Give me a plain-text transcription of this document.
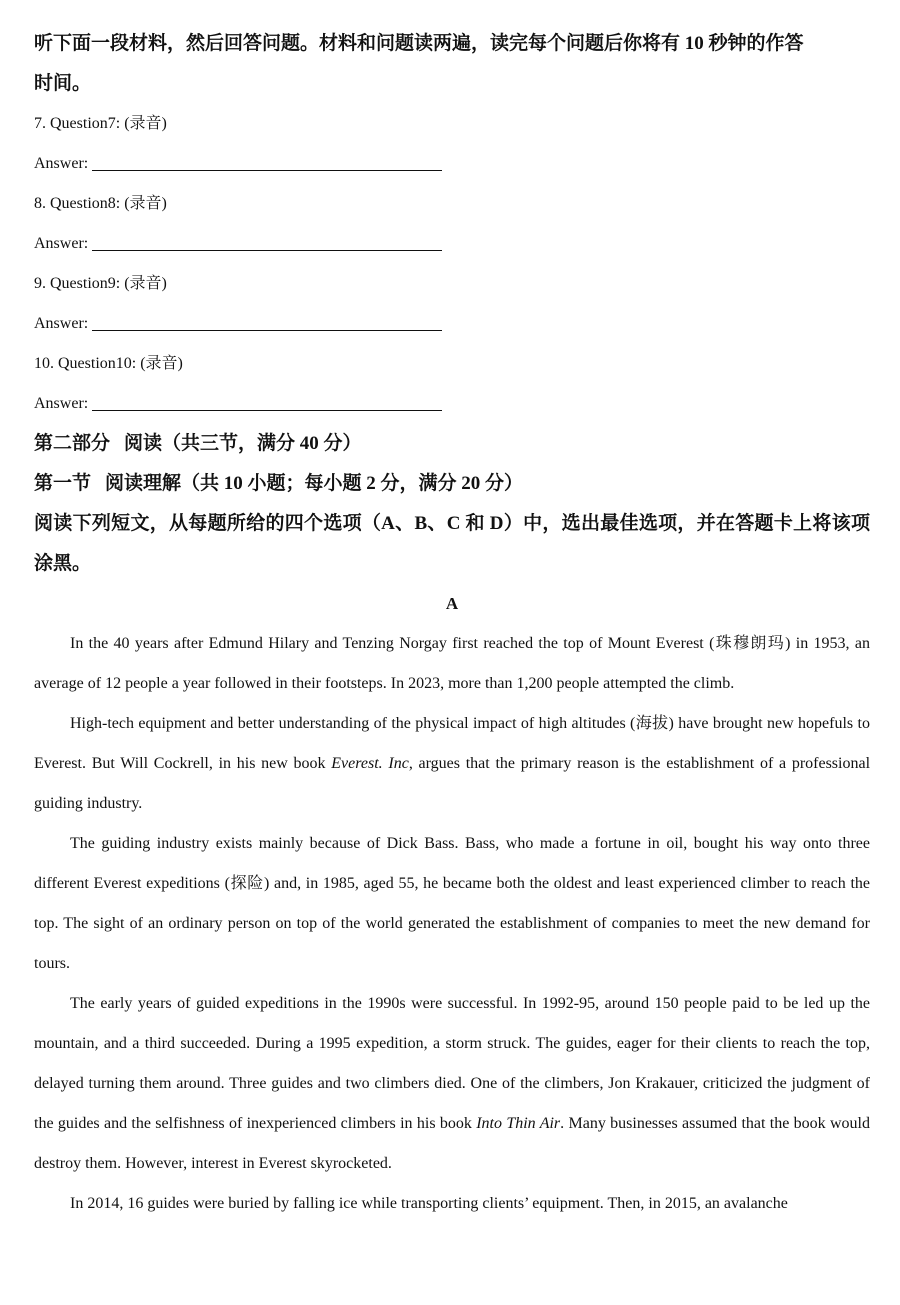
听下面一段材料，然后回答问题。材料和问题读两遍，读完每个问题后你将有 10 秒钟的作答
时间。
7. Question7: (录音)
Answer:
8. Question8: (录音)
Answer:
9. Question9: (录音)
Answer:
10. Question10: (录音)
Answer:
第二部分 阅读（共三节，满分 40 分）
第一节 阅读理解（共 10 小题；每小题 2 分，满分 20 分）
阅读下列短文，从每题所给的四个选项（A、B、C 和 D）中，选出最佳选项，并在答题卡上将该项涂黑。
A

In the 40 years after Edmund Hilary and Tenzing Norgay first reached the top of Mount Everest (珠穆朗玛) in 1953, an average of 12 people a year followed in their footsteps. In 2023, more than 1,200 people attempted the climb.

High-tech equipment and better understanding of the physical impact of high altitudes (海拔) have brought new hopefuls to Everest. But Will Cockrell, in his new book Everest. Inc, argues that the primary reason is the establishment of a professional guiding industry.

The guiding industry exists mainly because of Dick Bass. Bass, who made a fortune in oil, bought his way onto three different Everest expeditions (探险) and, in 1985, aged 55, he became both the oldest and least experienced climber to reach the top. The sight of an ordinary person on top of the world generated the establishment of companies to meet the new demand for tours.

The early years of guided expeditions in the 1990s were successful. In 1992-95, around 150 people paid to be led up the mountain, and a third succeeded. During a 1995 expedition, a storm struck. The guides, eager for their clients to reach the top, delayed turning them around. Three guides and two climbers died. One of the climbers, Jon Krakauer, criticized the judgment of the guides and the selfishness of inexperienced climbers in his book Into Thin Air. Many businesses assumed that the book would destroy them. However, interest in Everest skyrocketed.

In 2014, 16 guides were buried by falling ice while transporting clients’ equipment. Then, in 2015, an avalanche
